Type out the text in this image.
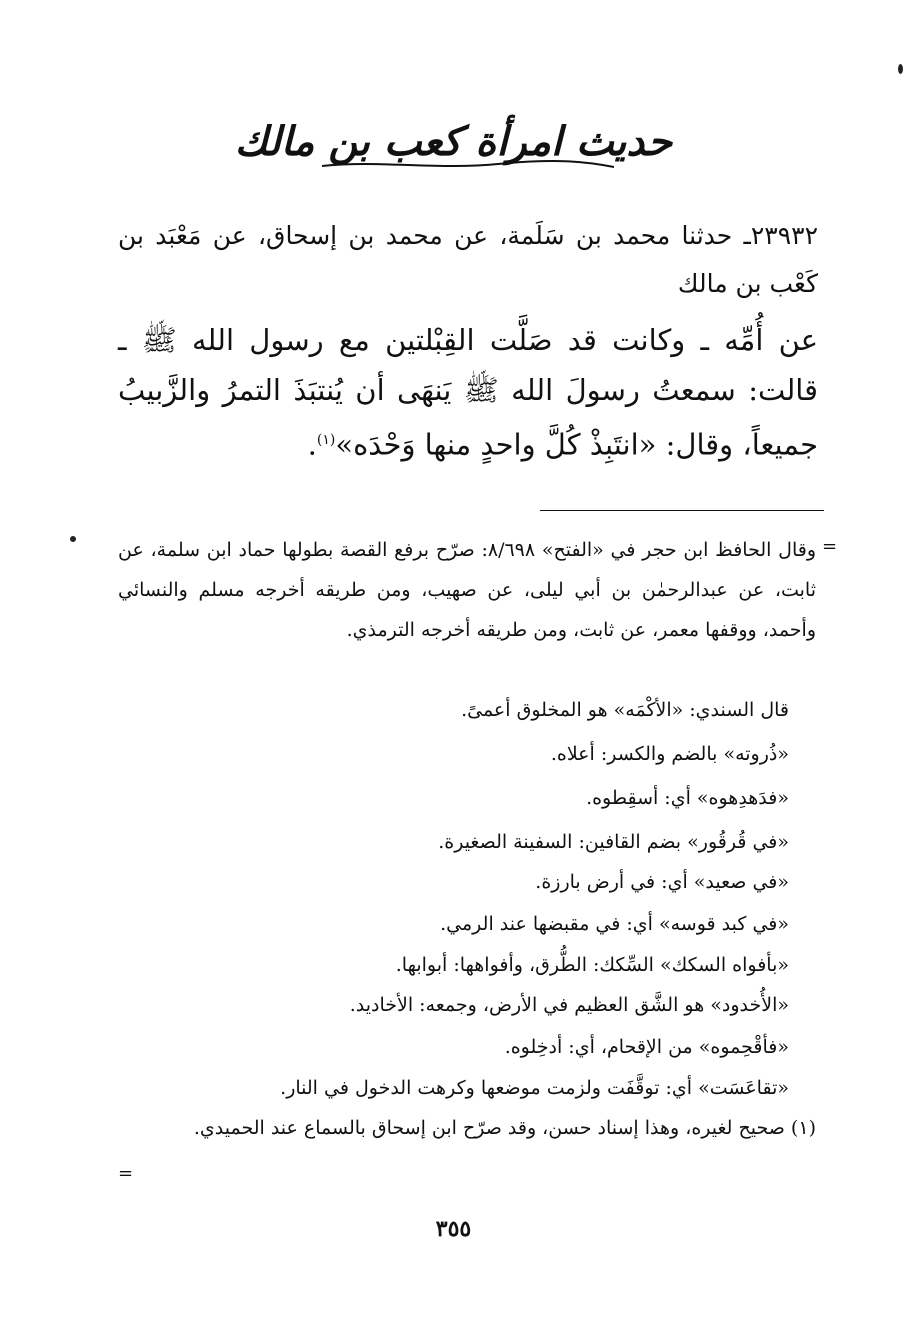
حديث امرأة كعب بن مالك
٢٣٩٣٢ـ حدثنا محمد بن سَلَمة، عن محمد بن إسحاق، عن مَعْبَد بن كَعْب بن مالك
عن أُمِّه ـ وكانت قد صَلَّت القِبْلتين مع رسول الله ﷺ ـ قالت: سمعتُ رسولَ الله ﷺ يَنهَى أن يُنتبَذَ التمرُ والزَّبيبُ جميعاً، وقال: «انتَبِذْ كُلَّ واحدٍ منها وَحْدَه»$^{(١)}$.
=
وقال الحافظ ابن حجر في «الفتح» ٨/٦٩٨: صرّح برفع القصة بطولها حماد ابن سلمة، عن ثابت، عن عبدالرحمٰن بن أبي ليلى، عن صهيب، ومن طريقه أخرجه مسلم والنسائي وأحمد، ووقفها معمر، عن ثابت، ومن طريقه أخرجه الترمذي.
قال السندي: «الأكْمَه» هو المخلوق أعمىً.
«ذُروته» بالضم والكسر: أعلاه.
«فدَهدِهوه» أي: أسقِطوه.
«في قُرقُور» بضم القافين: السفينة الصغيرة.
«في صعيد» أي: في أرض بارزة.
«في كبد قوسه» أي: في مقبضها عند الرمي.
«بأفواه السكك» السِّكك: الطُّرق، وأفواهها: أبوابها.
«الأُخدود» هو الشَّق العظيم في الأرض، وجمعه: الأخاديد.
«فأقْحِموه» من الإقحام، أي: أدخِلوه.
«تقاعَسَت» أي: توقَّفَت ولزمت موضعها وكرهت الدخول في النار.
(١) صحيح لغيره، وهذا إسناد حسن، وقد صرّح ابن إسحاق بالسماع عند الحميدي.
=
٣٥٥
